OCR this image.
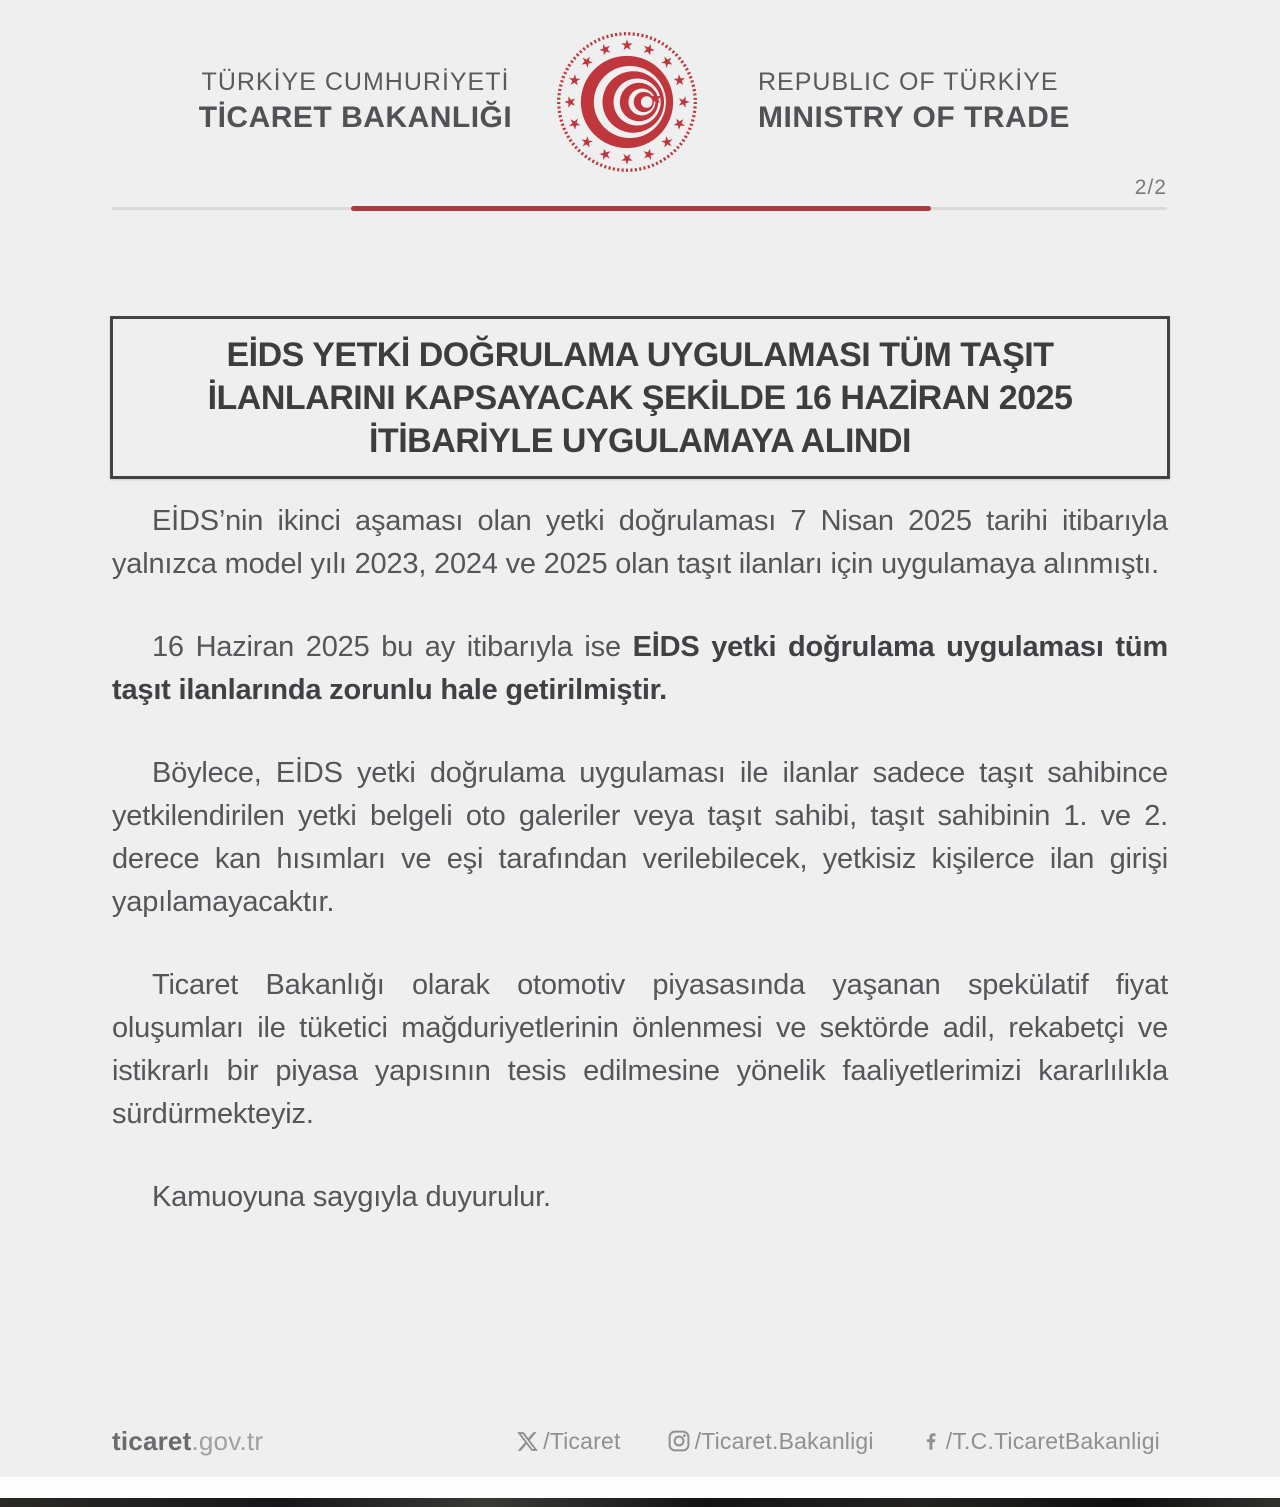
TÜRKİYE CUMHURİYETİ
TİCARET BAKANLIĞI
REPUBLIC OF TÜRKİYE
MINISTRY OF TRADE
2/2
EİDS YETKİ DOĞRULAMA UYGULAMASI TÜM TAŞIT
İLANLARINI KAPSAYACAK ŞEKİLDE 16 HAZİRAN 2025
İTİBARİYLE UYGULAMAYA ALINDI

EİDS’nin ikinci aşaması olan yetki doğrulaması 7 Nisan 2025 tarihi itibarıyla yalnızca model yılı 2023, 2024 ve 2025 olan taşıt ilanları için uygulamaya alınmıştı.

16 Haziran 2025 bu ay itibarıyla ise EİDS yetki doğrulama uygulaması tüm taşıt ilanlarında zorunlu hale getirilmiştir.

Böylece, EİDS yetki doğrulama uygulaması ile ilanlar sadece taşıt sahibince yetkilendirilen yetki belgeli oto galeriler veya taşıt sahibi, taşıt sahibinin 1. ve 2. derece kan hısımları ve eşi tarafından verilebilecek, yetkisiz kişilerce ilan girişi yapılamayacaktır.

Ticaret Bakanlığı olarak otomotiv piyasasında yaşanan spekülatif fiyat oluşumları ile tüketici mağduriyetlerinin önlenmesi ve sektörde adil, rekabetçi ve istikrarlı bir piyasa yapısının tesis edilmesine yönelik faaliyetlerimizi kararlılıkla sürdürmekteyiz.

Kamuoyuna saygıyla duyurulur.

ticaret.gov.tr	/Ticaret	/Ticaret.Bakanligi	/T.C.TicaretBakanligi
